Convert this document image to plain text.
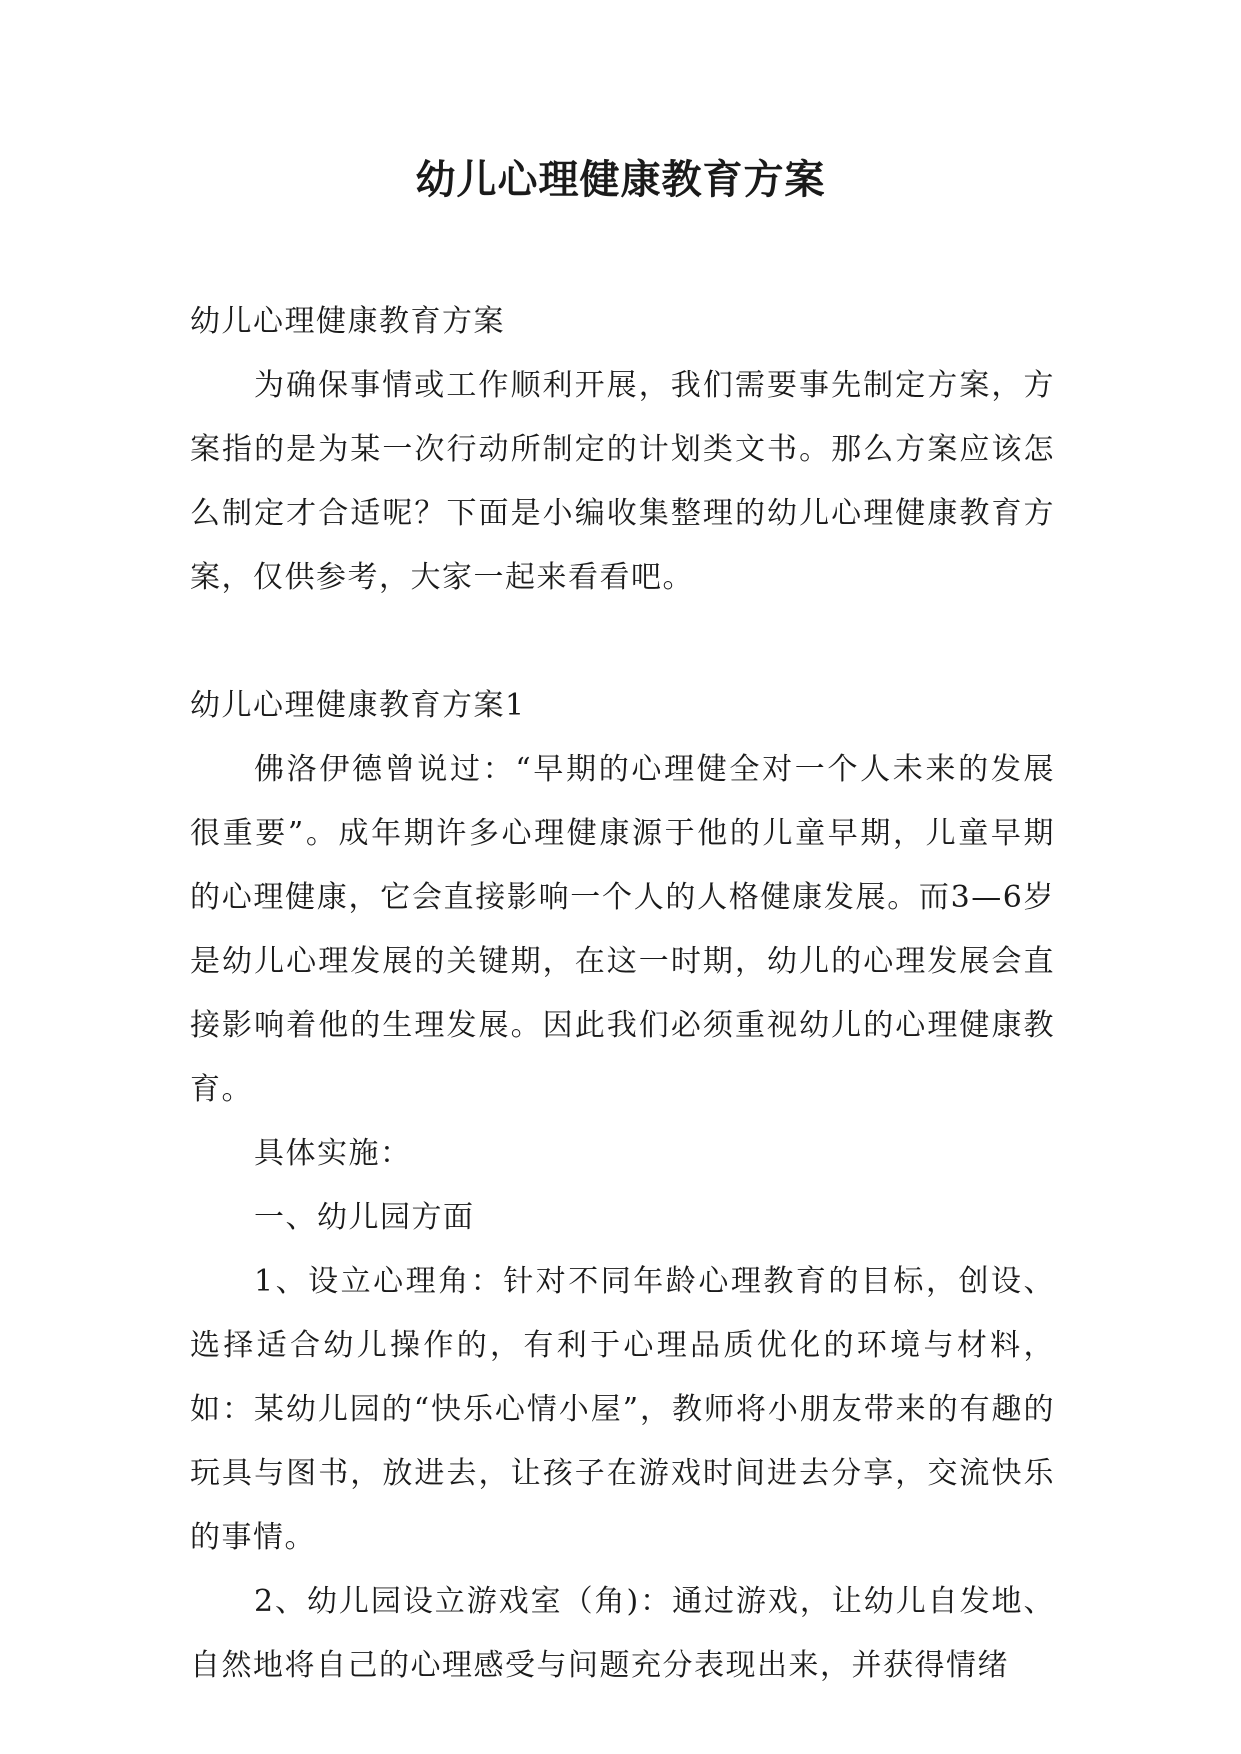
幼儿心理健康教育方案

幼儿心理健康教育方案

为确保事情或工作顺利开展，我们需要事先制定方案，方案指的是为某一次行动所制定的计划类文书。那么方案应该怎么制定才合适呢？下面是小编收集整理的幼儿心理健康教育方案，仅供参考，大家一起来看看吧。

幼儿心理健康教育方案1

佛洛伊德曾说过：“早期的心理健全对一个人未来的发展很重要”。成年期许多心理健康源于他的儿童早期，儿童早期的心理健康，它会直接影响一个人的人格健康发展。而3—6岁是幼儿心理发展的关键期，在这一时期，幼儿的心理发展会直接影响着他的生理发展。因此我们必须重视幼儿的心理健康教育。

具体实施：

一、幼儿园方面

1、设立心理角：针对不同年龄心理教育的目标，创设、选择适合幼儿操作的，有利于心理品质优化的环境与材料，如：某幼儿园的“快乐心情小屋”，教师将小朋友带来的有趣的玩具与图书，放进去，让孩子在游戏时间进去分享，交流快乐的事情。

2、幼儿园设立游戏室（角)：通过游戏，让幼儿自发地、自然地将自己的心理感受与问题充分表现出来，并获得情绪
